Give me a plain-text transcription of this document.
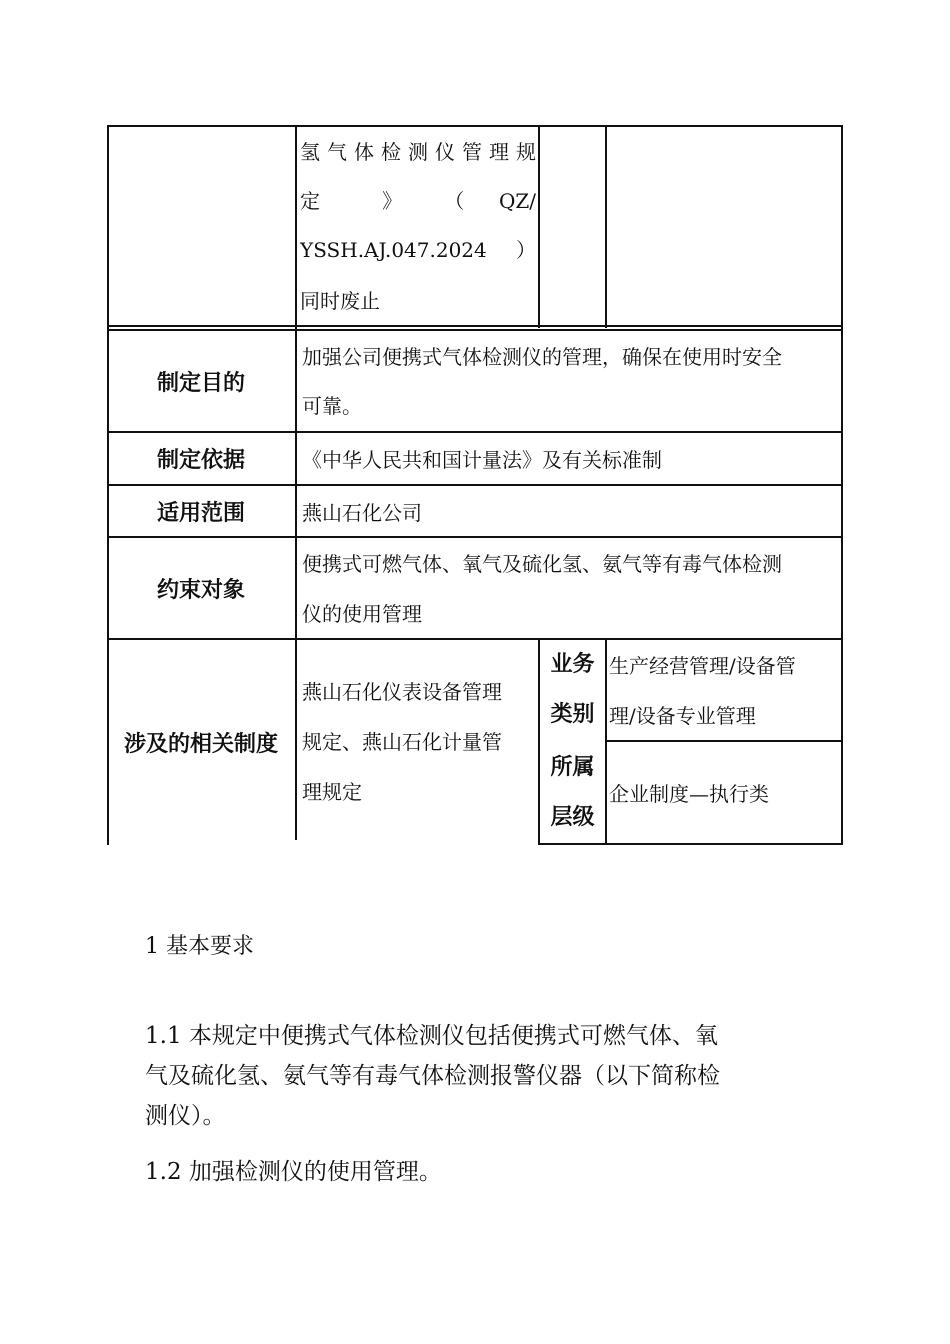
氢气体检测仪管理规
定　　》　　（　QZ/
YSSH.AJ.047.2024）
同时废止
制定目的
加强公司便携式气体检测仪的管理，确保在使用时安全
可靠。
制定依据	《中华人民共和国计量法》及有关标准制
适用范围	燕山石化公司
约束对象
便携式可燃气体、氧气及硫化氢、氨气等有毒气体检测
仪的使用管理
涉及的相关制度
燕山石化仪表设备管理
规定、燕山石化计量管
理规定
业务
类别
生产经营管理/设备管
理/设备专业管理
所属
层级
企业制度—执行类
1 基本要求
1.1 本规定中便携式气体检测仪包括便携式可燃气体、氧
气及硫化氢、氨气等有毒气体检测报警仪器（以下简称检
测仪）。
1.2 加强检测仪的使用管理。
